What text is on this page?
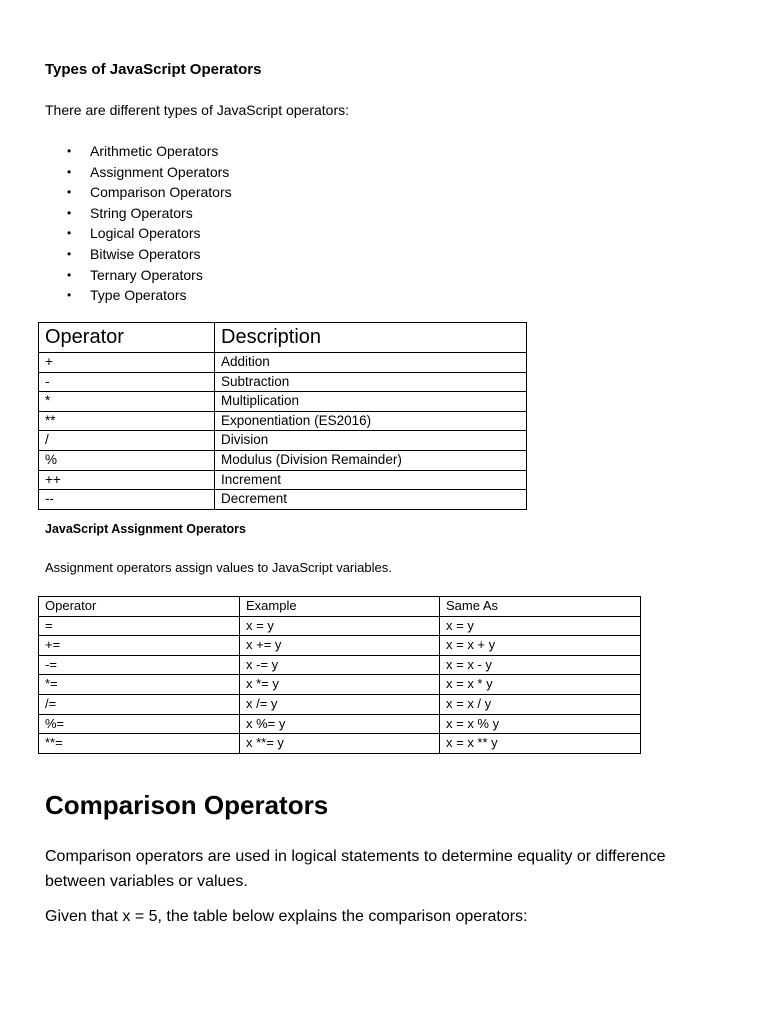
Types of JavaScript Operators

There are different types of JavaScript operators:

• Arithmetic Operators
• Assignment Operators
• Comparison Operators
• String Operators
• Logical Operators
• Bitwise Operators
• Ternary Operators
• Type Operators
Operator	Description
+	Addition
-	Subtraction
*	Multiplication
**	Exponentiation (ES2016)
/	Division
%	Modulus (Division Remainder)
++	Increment
--	Decrement
JavaScript Assignment Operators

Assignment operators assign values to JavaScript variables.

Operator	Example	Same As
=	x = y	x = y
+=	x += y	x = x + y
-=	x -= y	x = x - y
*=	x *= y	x = x * y
/=	x /= y	x = x / y
%=	x %= y	x = x % y
**=	x **= y	x = x ** y
Comparison Operators

Comparison operators are used in logical statements to determine equality or difference between variables or values.

Given that x = 5, the table below explains the comparison operators:
